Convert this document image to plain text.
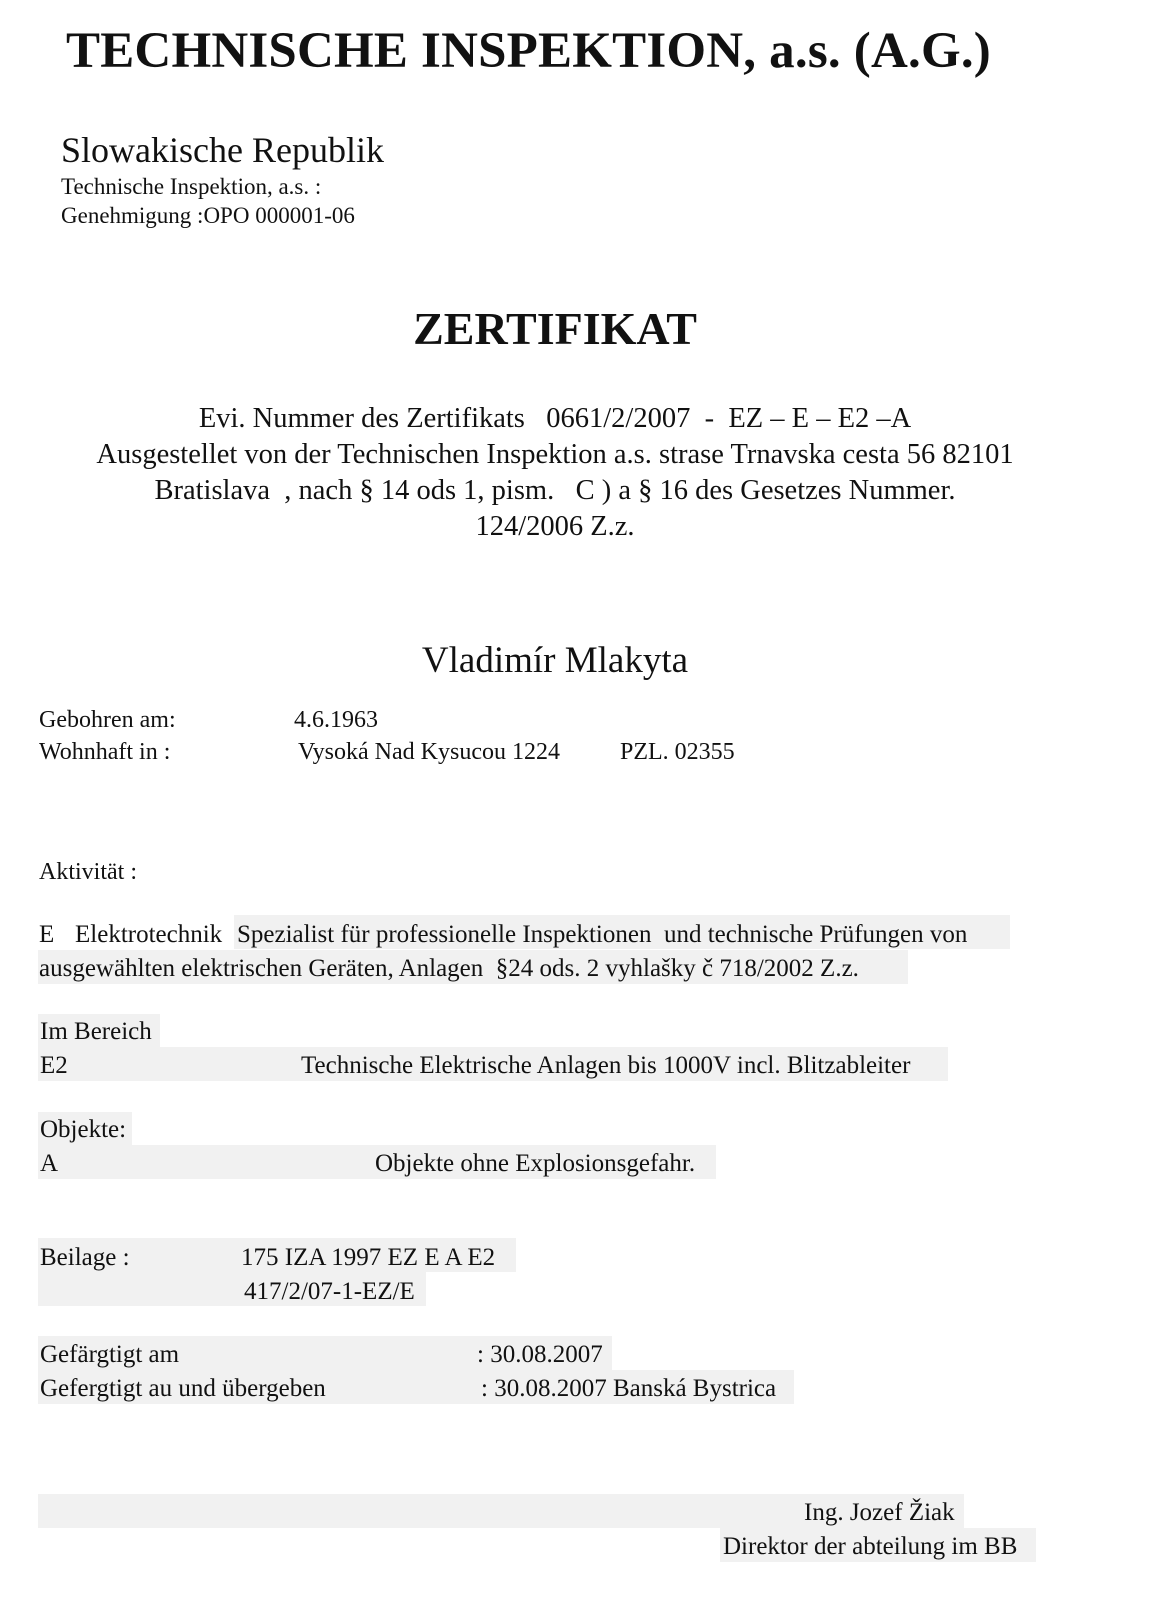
TECHNISCHE INSPEKTION, a.s. (A.G.)
Slowakische Republik
Technische Inspektion, a.s. :
Genehmigung :OPO 000001-06
ZERTIFIKAT
Evi. Nummer des Zertifikats   0661/2/2007  -  EZ – E – E2 –A
Ausgestellet von der Technischen Inspektion a.s. strase Trnavska cesta 56 82101
Bratislava  , nach § 14 ods 1, pism.   C ) a § 16 des Gesetzes Nummer.
124/2006 Z.z.
Vladimír Mlakyta
Gebohren am:	4.6.1963
Wohnhaft in :	Vysoká Nad Kysucou 1224	PZL. 02355
Aktivität :
E Elektrotechnik Spezialist für professionelle Inspektionen  und technische Prüfungen von
ausgewählten elektrischen Geräten, Anlagen  §24 ods. 2 vyhlašky č 718/2002 Z.z.
Im Bereich
E2	Technische Elektrische Anlagen bis 1000V incl. Blitzableiter
Objekte:
A	Objekte ohne Explosionsgefahr.
Beilage :	175 IZA 1997 EZ E A E2
417/2/07-1-EZ/E
Gefärgtigt am	: 30.08.2007
Gefergtigt au und übergeben	: 30.08.2007 Banská Bystrica
Ing. Jozef Žiak
Direktor der abteilung im BB
